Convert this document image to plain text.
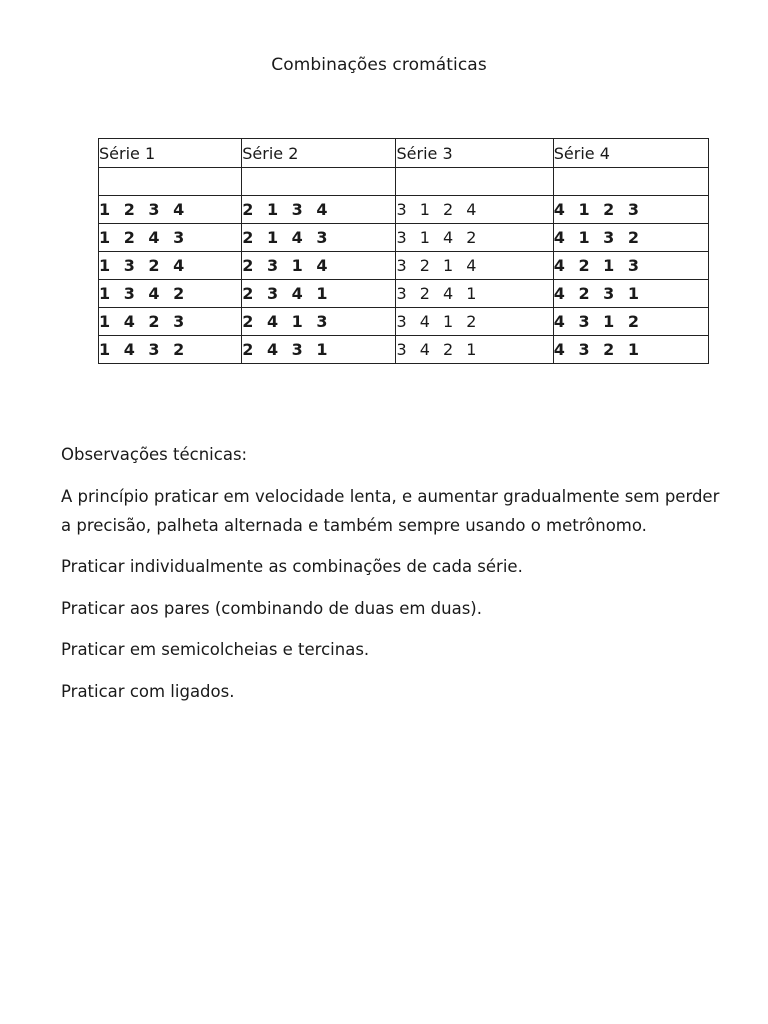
Combinações cromáticas
Série 1	Série 2	Série 3	Série 4

1 2 3 4	2 1 3 4	3 1 2 4	4 1 2 3
1 2 4 3	2 1 4 3	3 1 4 2	4 1 3 2
1 3 2 4	2 3 1 4	3 2 1 4	4 2 1 3
1 3 4 2	2 3 4 1	3 2 4 1	4 2 3 1
1 4 2 3	2 4 1 3	3 4 1 2	4 3 1 2
1 4 3 2	2 4 3 1	3 4 2 1	4 3 2 1

Observações técnicas:

A princípio praticar em velocidade lenta, e aumentar gradualmente sem perder a precisão, palheta alternada e também sempre usando o metrônomo.

Praticar individualmente as combinações de cada série.

Praticar aos pares (combinando de duas em duas).

Praticar em semicolcheias e tercinas.

Praticar com ligados.
